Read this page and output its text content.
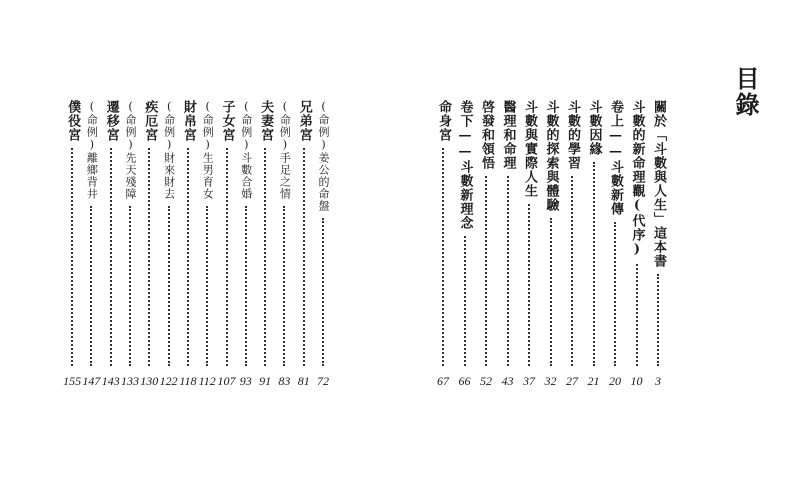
(命例)姜公的命盤
72
兄弟宮
81
(命例)手足之情
83
夫妻宮
91
(命例)斗數合婚
93
子女宮
107
(命例)生男育女
112
財帛宮
118
(命例)財來財去
122
疾厄宮
130
(命例)先天殘障
133
遷移宮
143
(命例)離鄉背井
147
僕役宮
155
目錄
關於「斗數與人生」這本書
3
斗數的新命理觀(代序)
10
卷上——斗數新傳
20
斗數因緣
21
斗數的學習
27
斗數的探索與體驗
32
斗數與實際人生
37
醫理和命理
43
啓發和領悟
52
卷下——斗數新理念
66
命身宮
67
